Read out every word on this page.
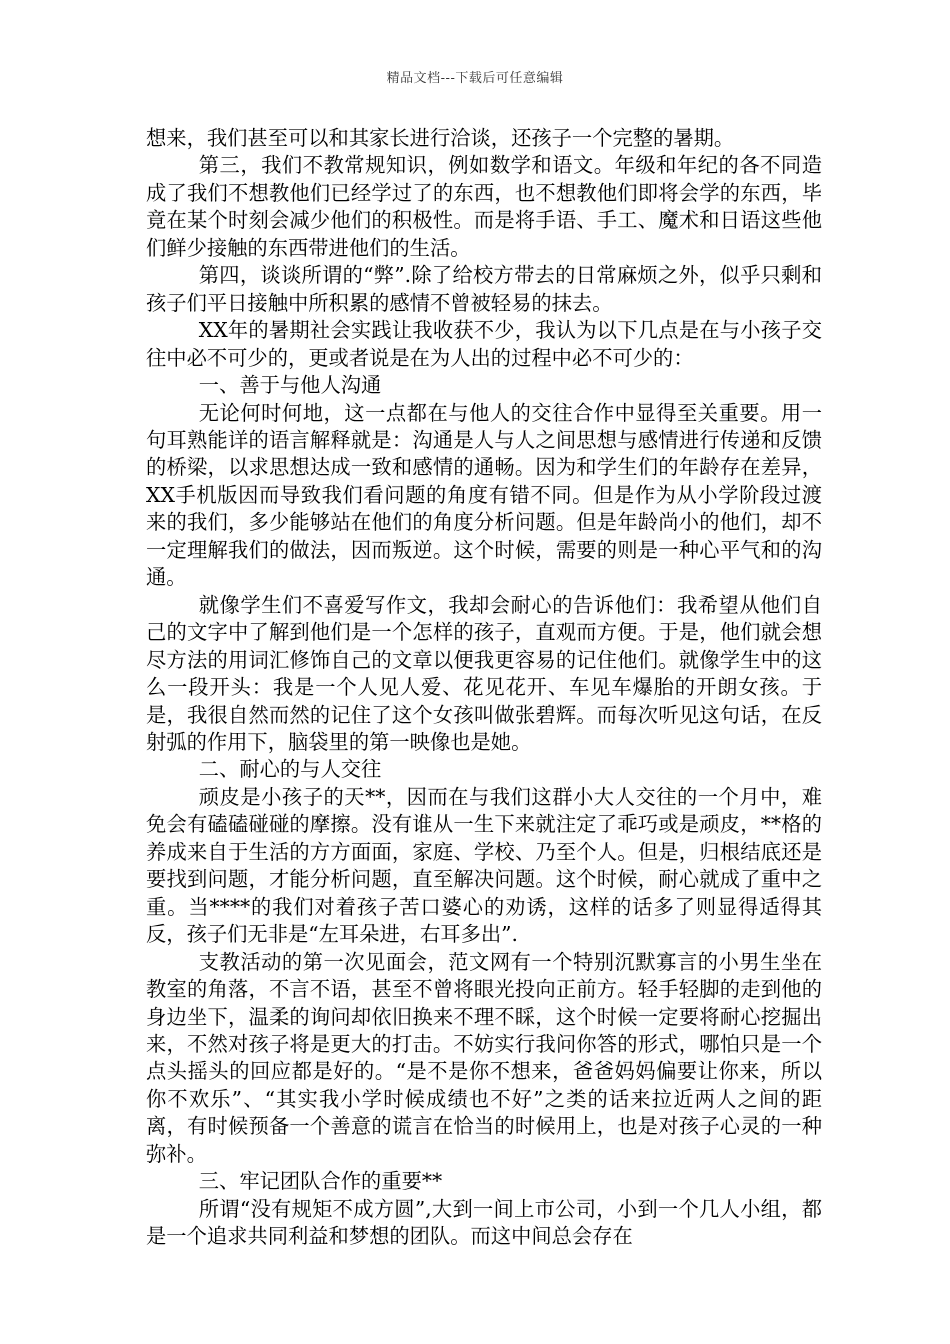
精品文档---下载后可任意编辑

想来，我们甚至可以和其家长进行洽谈，还孩子一个完整的暑期。

第三，我们不教常规知识，例如数学和语文。年级和年纪的各不同造成了我们不想教他们已经学过了的东西，也不想教他们即将会学的东西，毕竟在某个时刻会减少他们的积极性。而是将手语、手工、魔术和日语这些他们鲜少接触的东西带进他们的生活。

第四，谈谈所谓的“弊”.除了给校方带去的日常麻烦之外，似乎只剩和孩子们平日接触中所积累的感情不曾被轻易的抹去。

XX年的暑期社会实践让我收获不少，我认为以下几点是在与小孩子交往中必不可少的，更或者说是在为人出的过程中必不可少的：

一、善于与他人沟通

无论何时何地，这一点都在与他人的交往合作中显得至关重要。用一句耳熟能详的语言解释就是：沟通是人与人之间思想与感情进行传递和反馈的桥梁，以求思想达成一致和感情的通畅。因为和学生们的年龄存在差异，XX手机版因而导致我们看问题的角度有错不同。但是作为从小学阶段过渡来的我们，多少能够站在他们的角度分析问题。但是年龄尚小的他们，却不一定理解我们的做法，因而叛逆。这个时候，需要的则是一种心平气和的沟通。

就像学生们不喜爱写作文，我却会耐心的告诉他们：我希望从他们自己的文字中了解到他们是一个怎样的孩子，直观而方便。于是，他们就会想尽方法的用词汇修饰自己的文章以便我更容易的记住他们。就像学生中的这么一段开头：我是一个人见人爱、花见花开、车见车爆胎的开朗女孩。于是，我很自然而然的记住了这个女孩叫做张碧辉。而每次听见这句话，在反射弧的作用下，脑袋里的第一映像也是她。

二、耐心的与人交往

顽皮是小孩子的天**，因而在与我们这群小大人交往的一个月中，难免会有磕磕碰碰的摩擦。没有谁从一生下来就注定了乖巧或是顽皮，**格的养成来自于生活的方方面面，家庭、学校、乃至个人。但是，归根结底还是要找到问题，才能分析问题，直至解决问题。这个时候，耐心就成了重中之重。当****的我们对着孩子苦口婆心的劝诱，这样的话多了则显得适得其反，孩子们无非是“左耳朵进，右耳多出”.

支教活动的第一次见面会，范文网有一个特别沉默寡言的小男生坐在教室的角落，不言不语，甚至不曾将眼光投向正前方。轻手轻脚的走到他的身边坐下，温柔的询问却依旧换来不理不睬，这个时候一定要将耐心挖掘出来，不然对孩子将是更大的打击。不妨实行我问你答的形式，哪怕只是一个点头摇头的回应都是好的。“是不是你不想来，爸爸妈妈偏要让你来，所以你不欢乐”、“其实我小学时候成绩也不好”之类的话来拉近两人之间的距离，有时候预备一个善意的谎言在恰当的时候用上，也是对孩子心灵的一种弥补。

三、牢记团队合作的重要**

所谓“没有规矩不成方圆”,大到一间上市公司，小到一个几人小组，都是一个追求共同利益和梦想的团队。而这中间总会存在
